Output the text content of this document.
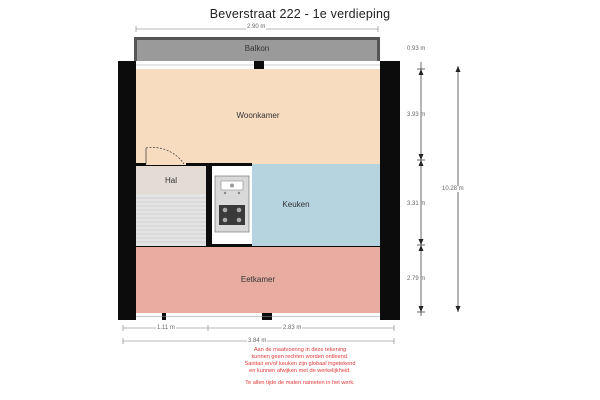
Beverstraat 222 - 1e verdieping
2.90 m
0.93 m
3.93 m
3.31 m
2.79 m
10.28 m
1.11 m	2.83 m
3.84 m
Balkon
Woonkamer
Hal
Keuken
Eetkamer
Aan de maatvoering in deze tekening
kunnen geen rechten worden ontleend.
Sanitair en/of keuken zijn globaal ingetekend
en kunnen afwijken met de werkelijkheid.
Te allen tijde de maten nameten in het werk.
